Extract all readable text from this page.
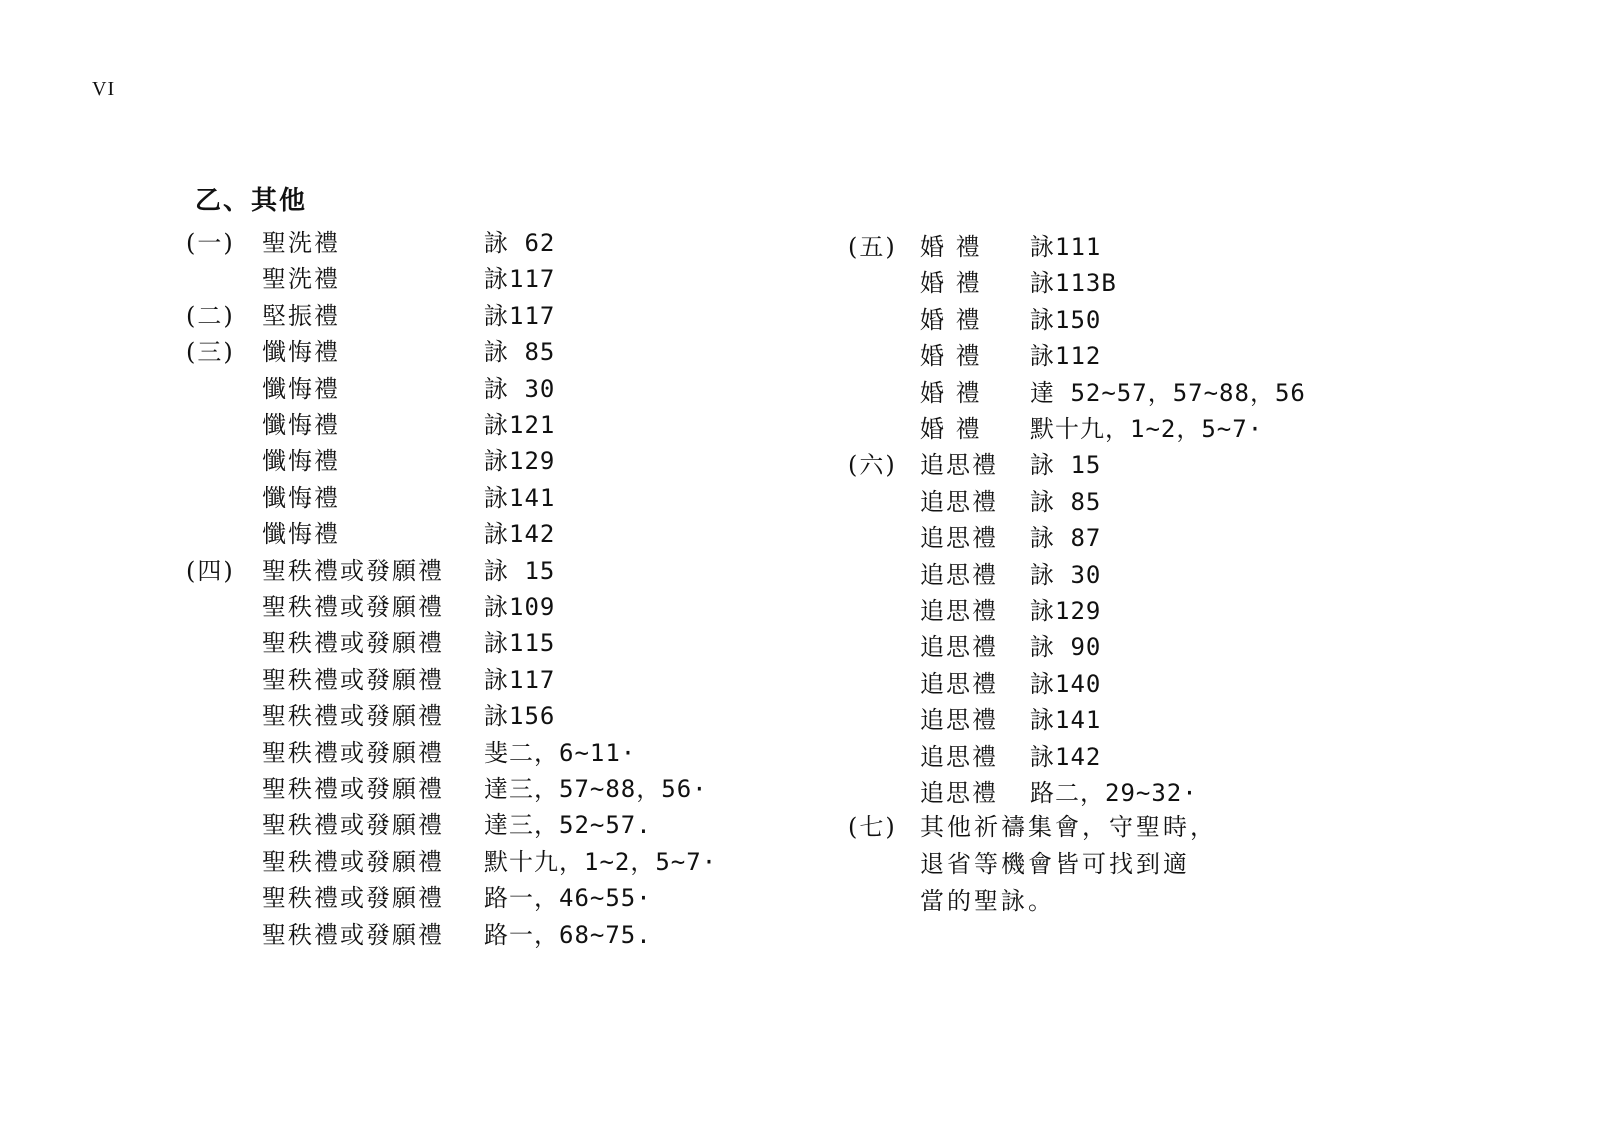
VI
乙、其他
(一) 聖洗禮	詠 62
聖洗禮	詠117
(二) 堅振禮	詠117
(三) 懺悔禮	詠 85
懺悔禮	詠 30
懺悔禮	詠121
懺悔禮	詠129
懺悔禮	詠141
懺悔禮	詠142
(四) 聖秩禮或發願禮 詠 15
聖秩禮或發願禮 詠109
聖秩禮或發願禮 詠115
聖秩禮或發願禮 詠117
聖秩禮或發願禮 詠156
聖秩禮或發願禮 斐二，6~11·
聖秩禮或發願禮 達三，57~88，56·
聖秩禮或發願禮 達三，52~57.
聖秩禮或發願禮 默十九，1~2，5~7·
聖秩禮或發願禮 路一，46~55·
聖秩禮或發願禮 路一，68~75.
(五) 婚 禮 詠111
婚 禮 詠113B
婚 禮 詠150
婚 禮 詠112
婚 禮 達 52~57，57~88，56
婚 禮 默十九，1~2，5~7·
(六) 追思禮 詠 15
追思禮 詠 85
追思禮 詠 87
追思禮 詠 30
追思禮 詠129
追思禮 詠 90
追思禮 詠140
追思禮 詠141
追思禮 詠142
追思禮 路二，29~32·
(七) 其他祈禱集會，守聖時，
退省等機會皆可找到適
當的聖詠。
